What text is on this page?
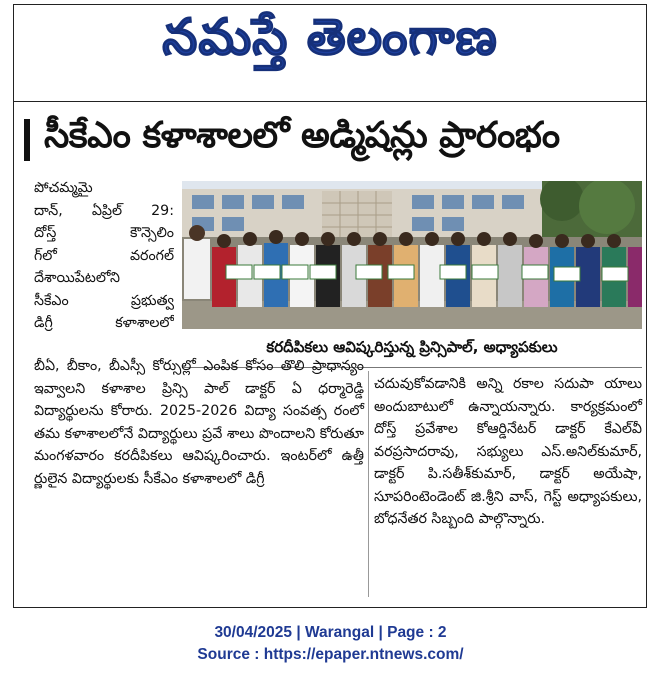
నమస్తే తెలంగాణ
సీకేఎం కళాశాలలో అడ్మిషన్లు ప్రారంభం
పోచమ్మమై
దాన్, ఏప్రిల్ 29:
దోస్త్ కౌన్సెలిం
గ్‌లో వరంగల్
దేశాయిపేటలోని
సీకేఎం ప్రభుత్వ
డిగ్రీ కళాశాలలో
కరదీపికలు ఆవిష్కరిస్తున్న ప్రిన్సిపాల్, అధ్యాపకులు

బీఏ, బీకాం, బీఎస్సీ కోర్సుల్లో ఎంపిక కోసం తొలి ప్రాధాన్యం ఇవ్వాలని కళాశాల ప్రిన్సి పాల్ డాక్టర్ ఏ ధర్మారెడ్డి విద్యార్థులను కోరారు. 2025-2026 విద్యా సంవత్స రంలో తమ కళాశాలలోనే విద్యార్థులు ప్రవే శాలు పొందాలని కోరుతూ మంగళవారం కరదీపికలు ఆవిష్కరించారు. ఇంటర్‌లో ఉత్తీ ర్ణులైన విద్యార్థులకు సీకేఎం కళాశాలలో డిగ్రీ

చదువుకోవడానికి అన్ని రకాల సదుపా యాలు అందుబాటులో ఉన్నాయన్నారు. కార్యక్రమంలో దోస్త్ ప్రవేశాల కోఆర్డినేటర్ డాక్టర్ కేఎల్‌వీ వరప్రసాదరావు, సభ్యులు ఎస్.అనిల్‌కుమార్, డాక్టర్ పి.సతీశ్‌కుమార్, డాక్టర్ అయేషా, సూపరింటెండెంట్ జి.శ్రీని వాస్, గెస్ట్ అధ్యాపకులు, బోధనేతర సిబ్బంది పాల్గొన్నారు.

30/04/2025 | Warangal | Page : 2
Source : https://epaper.ntnews.com/
